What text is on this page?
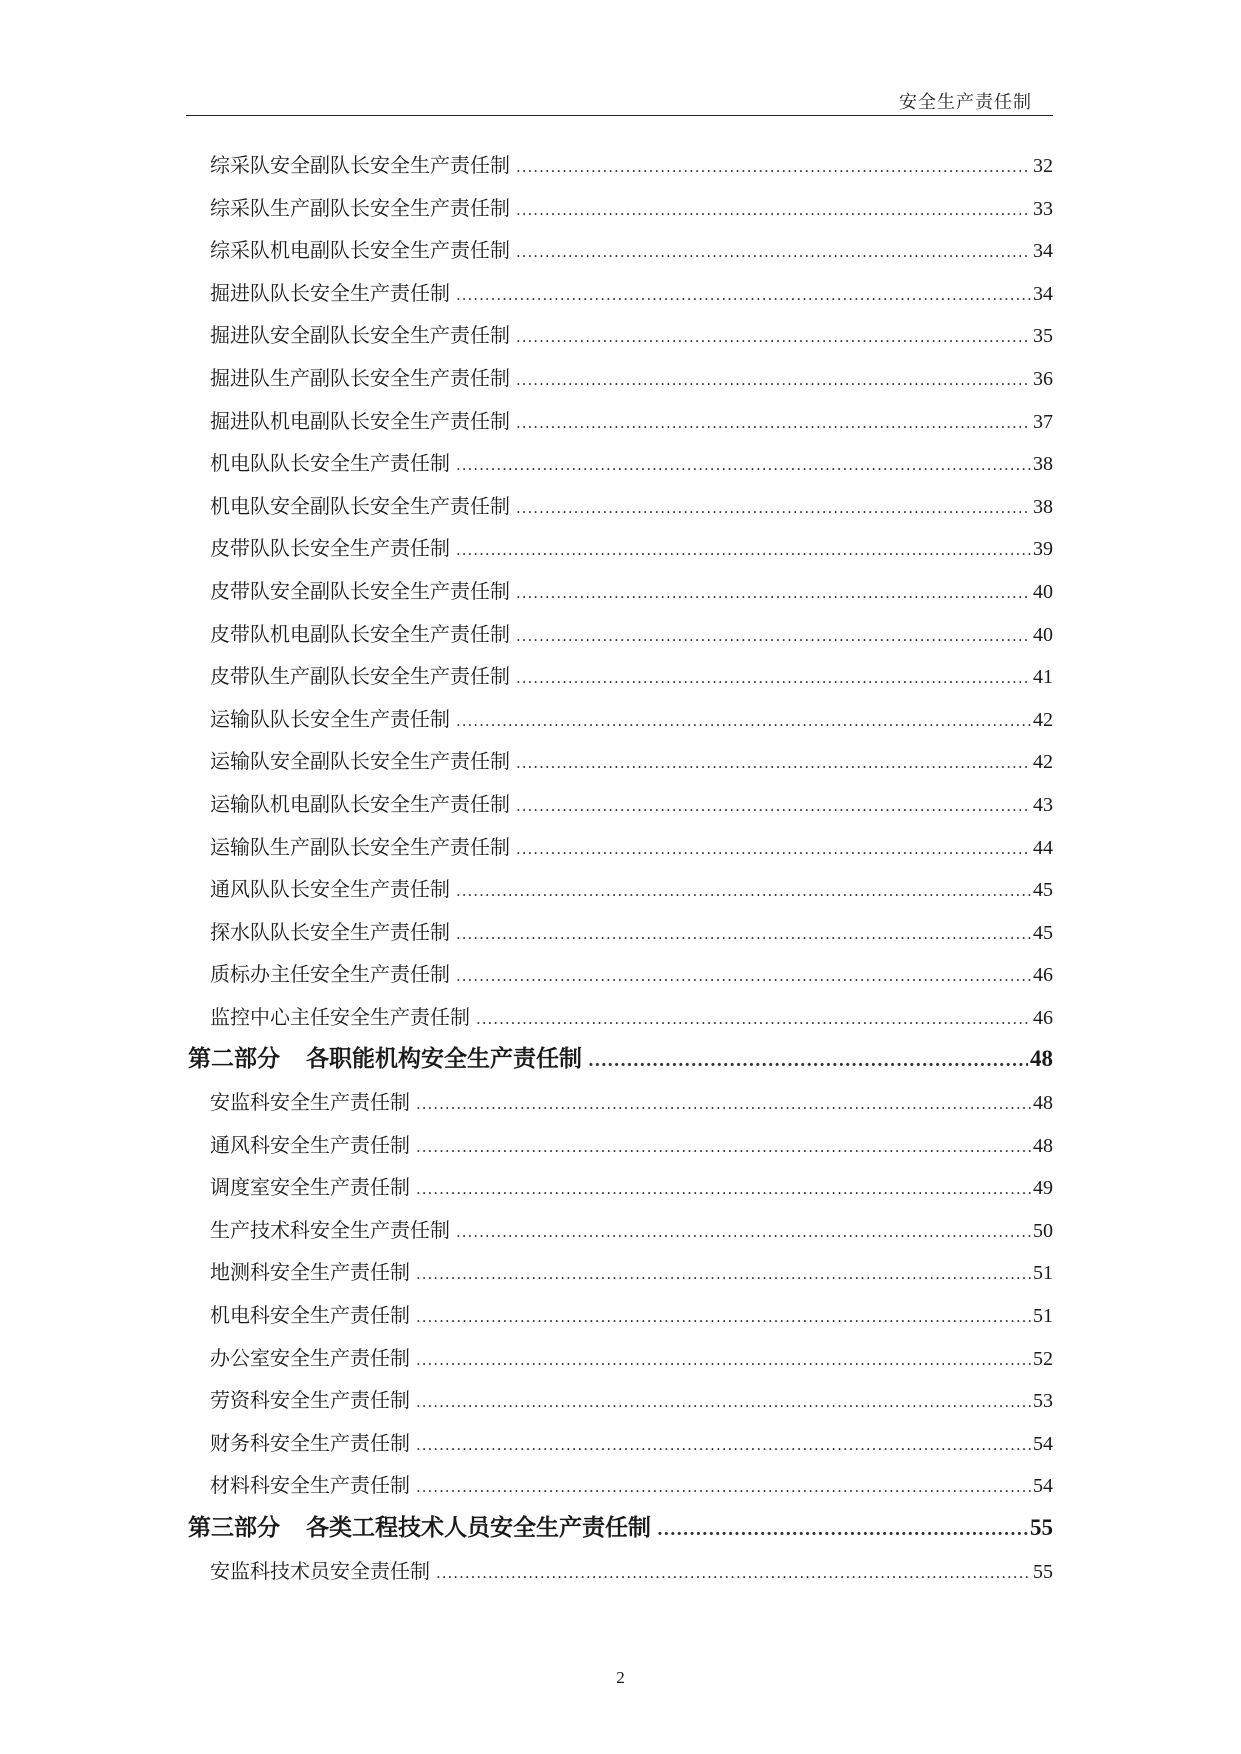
安全生产责任制
综采队安全副队长安全生产责任制 .....	32
综采队生产副队长安全生产责任制 .....	33
综采队机电副队长安全生产责任制 .....	34
掘进队队长安全生产责任制 .....	34
掘进队安全副队长安全生产责任制 .....	35
掘进队生产副队长安全生产责任制 .....	36
掘进队机电副队长安全生产责任制 .....	37
机电队队长安全生产责任制 .....	38
机电队安全副队长安全生产责任制 .....	38
皮带队队长安全生产责任制 .....	39
皮带队安全副队长安全生产责任制 .....	40
皮带队机电副队长安全生产责任制 .....	40
皮带队生产副队长安全生产责任制 .....	41
运输队队长安全生产责任制 .....	42
运输队安全副队长安全生产责任制 .....	42
运输队机电副队长安全生产责任制 .....	43
运输队生产副队长安全生产责任制 .....	44
通风队队长安全生产责任制 .....	45
探水队队长安全生产责任制 .....	45
质标办主任安全生产责任制 .....	46
监控中心主任安全生产责任制 .....	46
第二部分 各职能机构安全生产责任制 .....	48
安监科安全生产责任制 .....	48
通风科安全生产责任制 .....	48
调度室安全生产责任制 .....	49
生产技术科安全生产责任制 .....	50
地测科安全生产责任制 .....	51
机电科安全生产责任制 .....	51
办公室安全生产责任制 .....	52
劳资科安全生产责任制 .....	53
财务科安全生产责任制 .....	54
材料科安全生产责任制 .....	54
第三部分 各类工程技术人员安全生产责任制 .....	55
安监科技术员安全责任制 .....	55
2
